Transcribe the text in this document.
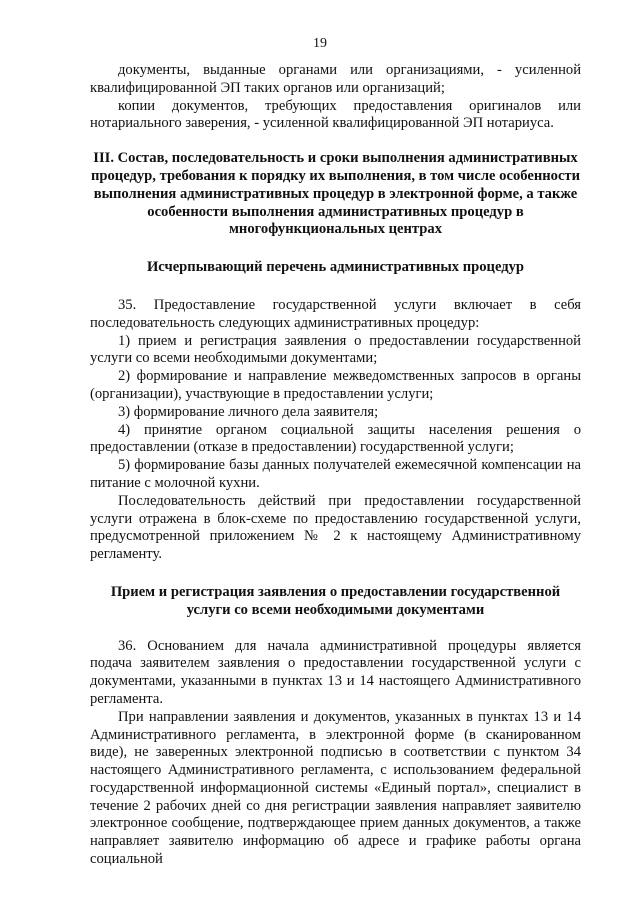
19

документы, выданные органами или организациями, - усиленной квалифицированной ЭП таких органов или организаций;

копии документов, требующих предоставления оригиналов или нотариального заверения, - усиленной квалифицированной ЭП нотариуса.

III. Состав, последовательность и сроки выполнения административных процедур, требования к порядку их выполнения, в том числе особенности выполнения административных процедур в электронной форме, а также особенности выполнения административных процедур в многофункциональных центрах

Исчерпывающий перечень административных процедур

35. Предоставление государственной услуги включает в себя последовательность следующих административных процедур:

1) прием и регистрация заявления о предоставлении государственной услуги со всеми необходимыми документами;

2) формирование и направление межведомственных запросов в органы (организации), участвующие в предоставлении услуги;

3) формирование личного дела заявителя;

4) принятие органом социальной защиты населения решения о предоставлении (отказе в предоставлении) государственной услуги;

5) формирование базы данных получателей ежемесячной компенсации на питание с молочной кухни.

Последовательность действий при предоставлении государственной услуги отражена в блок-схеме по предоставлению государственной услуги, предусмотренной приложением № 2 к настоящему Административному регламенту.

Прием и регистрация заявления о предоставлении государственной услуги со всеми необходимыми документами

36. Основанием для начала административной процедуры является подача заявителем заявления о предоставлении государственной услуги с документами, указанными в пунктах 13 и 14 настоящего Административного регламента.

При направлении заявления и документов, указанных в пунктах 13 и 14 Административного регламента, в электронной форме (в сканированном виде), не заверенных электронной подписью в соответствии с пунктом 34 настоящего Административного регламента, с использованием федеральной государственной информационной системы «Единый портал», специалист в течение 2 рабочих дней со дня регистрации заявления направляет заявителю электронное сообщение, подтверждающее прием данных документов, а также направляет заявителю информацию об адресе и графике работы органа социальной
